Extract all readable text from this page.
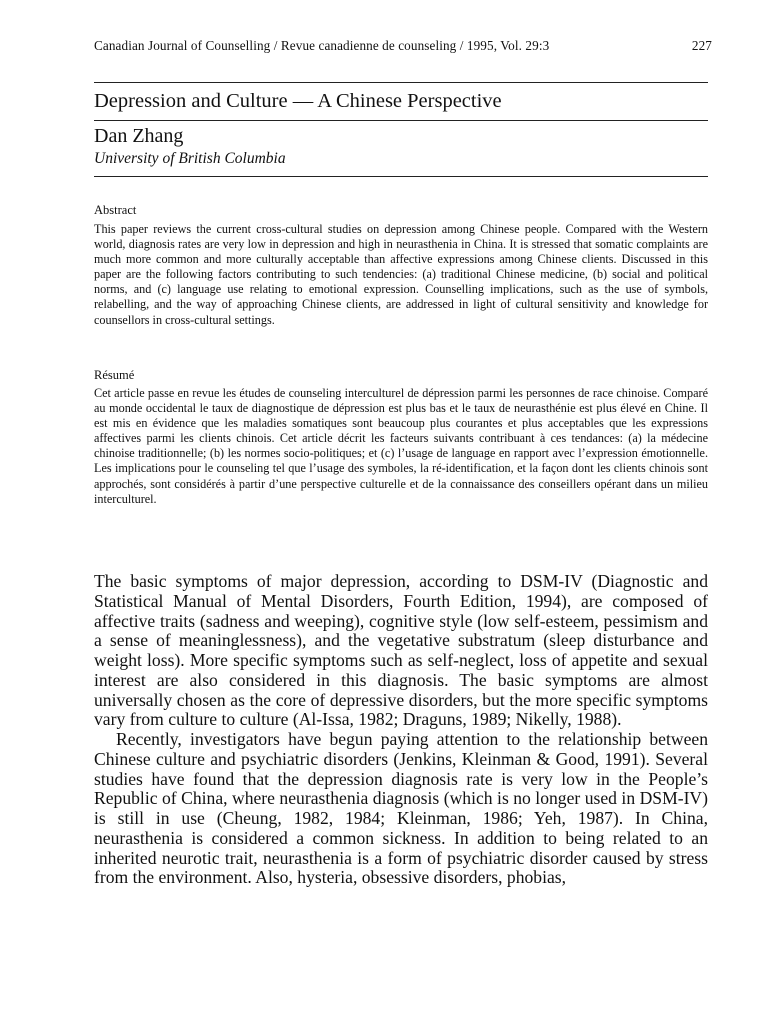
Canadian Journal of Counselling / Revue canadienne de counseling / 1995, Vol. 29:3	227
Depression and Culture — A Chinese Perspective
Dan Zhang
University of British Columbia
Abstract
This paper reviews the current cross-cultural studies on depression among Chinese people. Compared with the Western world, diagnosis rates are very low in depression and high in neurasthenia in China. It is stressed that somatic complaints are much more common and more culturally acceptable than affective expressions among Chinese clients. Discussed in this paper are the following factors contributing to such tendencies: (a) traditional Chinese medicine, (b) social and political norms, and (c) language use relating to emotional expression. Counselling implications, such as the use of symbols, relabelling, and the way of approaching Chinese clients, are addressed in light of cultural sensitivity and knowledge for counsellors in cross-cultural settings.
Résumé
Cet article passe en revue les études de counseling interculturel de dépression parmi les personnes de race chinoise. Comparé au monde occidental le taux de diagnostique de dépression est plus bas et le taux de neurasthénie est plus élevé en Chine. Il est mis en évidence que les maladies somatiques sont beaucoup plus courantes et plus acceptables que les expressions affectives parmi les clients chinois. Cet article décrit les facteurs suivants contribuant à ces tendances: (a) la médecine chinoise traditionnelle; (b) les normes socio-politiques; et (c) l’usage de language en rapport avec l’expression émotionnelle. Les implications pour le counseling tel que l’usage des symboles, la ré-identification, et la façon dont les clients chinois sont approchés, sont considérés à partir d’une perspective culturelle et de la connaissance des conseillers opérant dans un milieu interculturel.

The basic symptoms of major depression, according to DSM-IV (Diagnostic and Statistical Manual of Mental Disorders, Fourth Edition, 1994), are composed of affective traits (sadness and weeping), cognitive style (low self-esteem, pessimism and a sense of meaninglessness), and the vegetative substratum (sleep disturbance and weight loss). More specific symptoms such as self-neglect, loss of appetite and sexual interest are also considered in this diagnosis. The basic symptoms are almost universally chosen as the core of depressive disorders, but the more specific symptoms vary from culture to culture (Al-Issa, 1982; Draguns, 1989; Nikelly, 1988).

Recently, investigators have begun paying attention to the relationship between Chinese culture and psychiatric disorders (Jenkins, Kleinman & Good, 1991). Several studies have found that the depression diagnosis rate is very low in the People’s Republic of China, where neurasthenia diagnosis (which is no longer used in DSM-IV) is still in use (Cheung, 1982, 1984; Kleinman, 1986; Yeh, 1987). In China, neurasthenia is considered a common sickness. In addition to being related to an inherited neurotic trait, neurasthenia is a form of psychiatric disorder caused by stress from the environment. Also, hysteria, obsessive disorders, phobias,
